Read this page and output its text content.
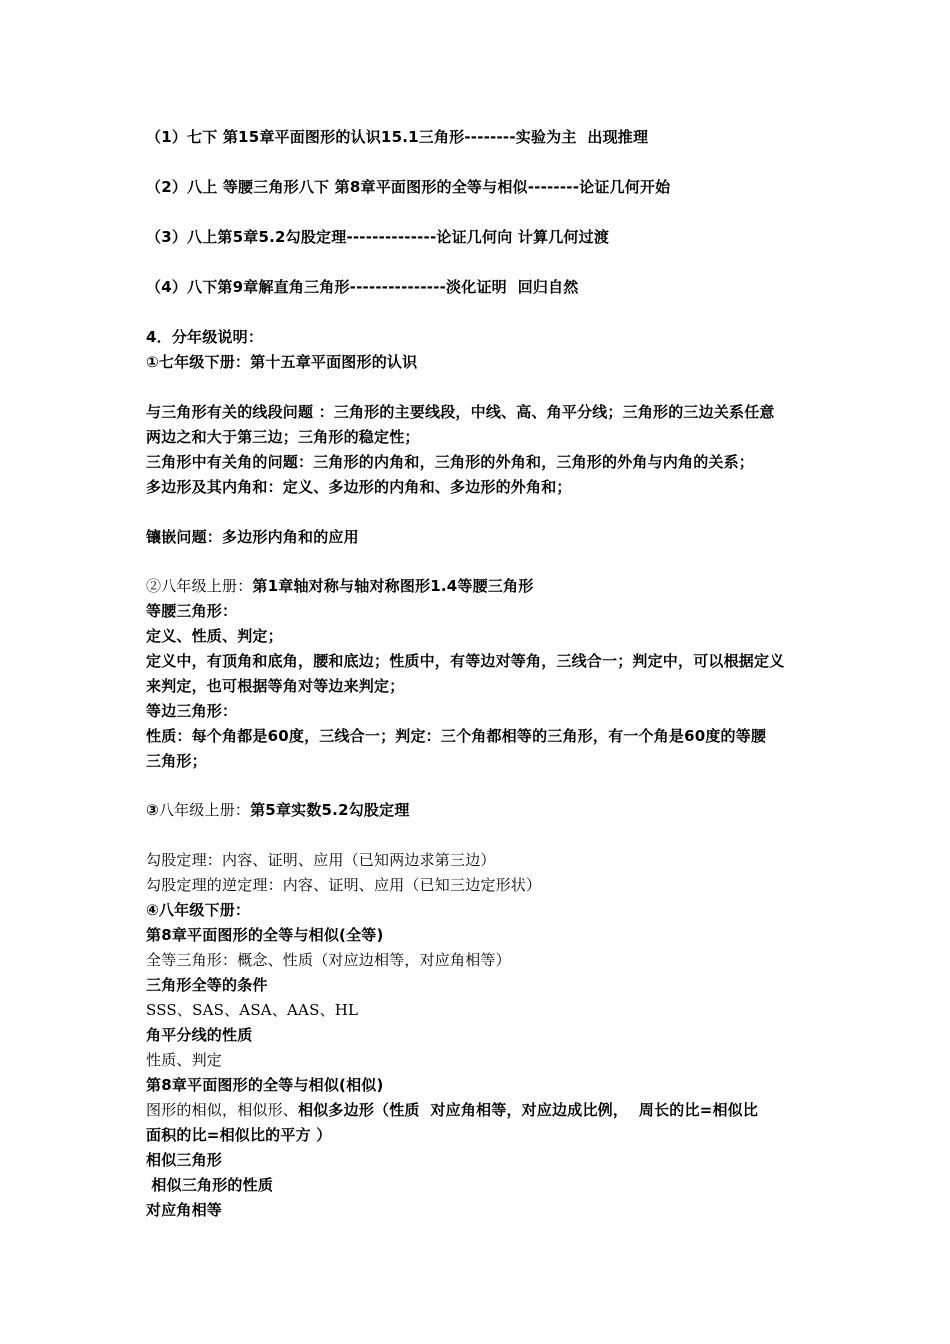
（1）七下 第15章平面图形的认识15.1三角形--------实验为主  出现推理
（2）八上 等腰三角形八下 第8章平面图形的全等与相似--------论证几何开始
（3）八上第5章5.2勾股定理--------------论证几何向 计算几何过渡
（4）八下第9章解直角三角形---------------淡化证明  回归自然
4．分年级说明：
①七年级下册：第十五章平面图形的认识
与三角形有关的线段问题 ：三角形的主要线段，中线、高、角平分线；三角形的三边关系任意
两边之和大于第三边；三角形的稳定性；
三角形中有关角的问题：三角形的内角和，三角形的外角和，三角形的外角与内角的关系；
多边形及其内角和：定义、多边形的内角和、多边形的外角和；
镶嵌问题：多边形内角和的应用
②八年级上册：第1章轴对称与轴对称图形1.4等腰三角形
等腰三角形：
定义、性质、判定；
定义中，有顶角和底角，腰和底边；性质中，有等边对等角，三线合一；判定中，可以根据定义
来判定，也可根据等角对等边来判定；
等边三角形：
性质：每个角都是60度，三线合一；判定：三个角都相等的三角形，有一个角是60度的等腰
三角形；
③八年级上册：第5章实数5.2勾股定理
勾股定理：内容、证明、应用（已知两边求第三边）
勾股定理的逆定理：内容、证明、应用（已知三边定形状）
④八年级下册：
第8章平面图形的全等与相似(全等)
全等三角形：概念、性质（对应边相等，对应角相等）
三角形全等的条件
SSS、SAS、ASA、AAS、HL
角平分线的性质
性质、判定
第8章平面图形的全等与相似(相似)
图形的相似，相似形、相似多边形（性质  对应角相等，对应边成比例，  周长的比=相似比
面积的比=相似比的平方 ）
相似三角形
相似三角形的性质
对应角相等
